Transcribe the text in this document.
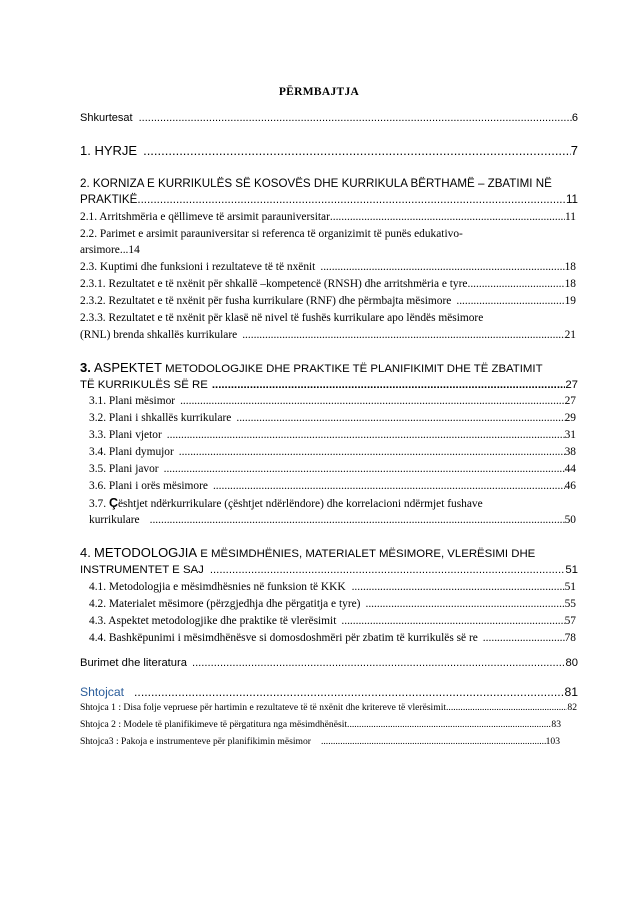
PËRMBAJTJA
Shkurtesat .....	6
1. HYRJE .....	7
2. KORNIZA E KURRIKULËS SË KOSOVËS DHE KURRIKULA BËRTHAMË – ZBATIMI NË
PRAKTIKË .....	11
2.1. Arritshmëria e qëllimeve të arsimit parauniversitar .....	11
2.2. Parimet e arsimit parauniversitar si referenca të organizimit të punës edukativo-
arsimore...14
2.3. Kuptimi dhe funksioni i rezultateve të të nxënit .....	18
2.3.1. Rezultatet e të nxënit për shkallë –kompetencë (RNSH) dhe arritshmëria e tyre .....	18
2.3.2. Rezultatet e të nxënit për fusha kurrikulare (RNF) dhe përmbajta mësimore .....	19
2.3.3. Rezultatet e të nxënit për klasë në nivel të fushës kurrikulare apo lëndës mësimore
(RNL) brenda shkallës kurrikulare .....	21
3. ASPEKTET METODOLOGJIKE DHE PRAKTIKE TË PLANIFIKIMIT DHE TË ZBATIMIT
TË KURRIKULËS SË RE .....	27
3.1. Plani mësimor .....	27
3.2. Plani i shkallës kurrikulare .....	29
3.3. Plani vjetor .....	31
3.4. Plani dymujor .....	38
3.5. Plani javor .....	44
3.6. Plani i orës mësimore .....	46
3.7. Çështjet ndërkurrikulare (çështjet ndërlëndore) dhe korrelacioni ndërmjet fushave
kurrikulare .....	50
4. METODOLOGJIA E MËSIMDHËNIES, MATERIALET MËSIMORE, VLERËSIMI DHE
INSTRUMENTET E SAJ .....	51
4.1. Metodologjia e mësimdhësnies në funksion të KKK .....	51
4.2. Materialet mësimore (përzgjedhja dhe përgatitja e tyre) .....	55
4.3. Aspektet metodologjike dhe praktike të vlerësimit .....	57
4.4. Bashkëpunimi i mësimdhënësve si domosdoshmëri për zbatim të kurrikulës së re .....	78
Burimet dhe literatura .....	80
Shtojcat .....	81
Shtojca 1 : Disa folje vepruese për hartimin e rezultateve të të nxënit dhe kritereve të vlerësimit .....	82
Shtojca 2 : Modele të planifikimeve të përgatitura nga mësimdhënësit .....	83
Shtojca3 : Pakoja e instrumenteve për planifikimin mësimor .....	103
